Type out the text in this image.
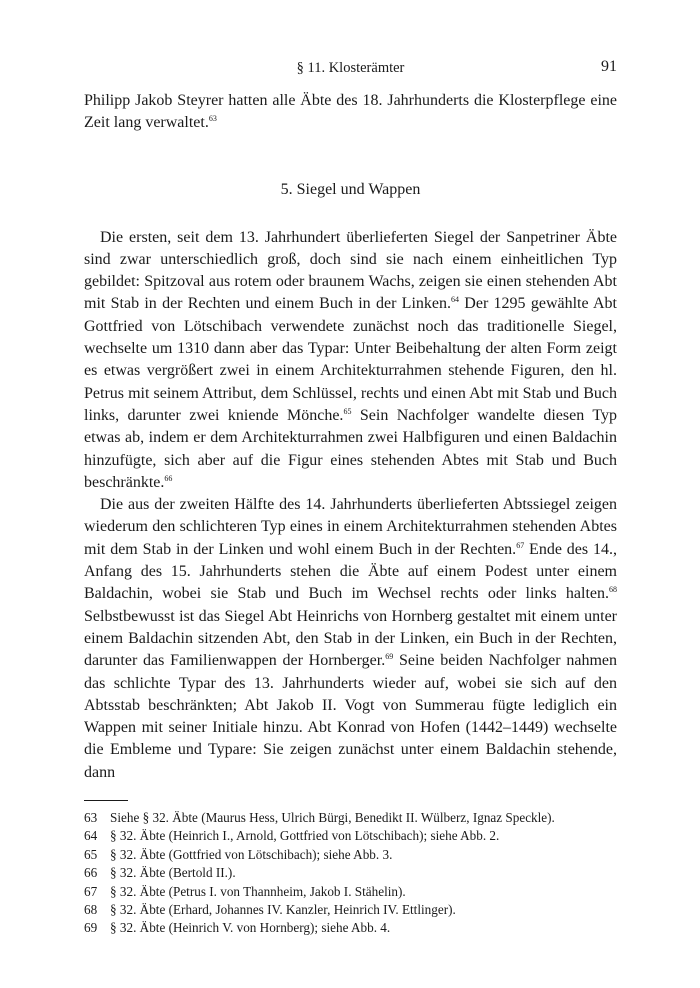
§ 11. Klosterämter	91

Philipp Jakob Steyrer hatten alle Äbte des 18. Jahrhunderts die Klosterpflege eine Zeit lang verwaltet.$^{63}$

5. Siegel und Wappen

Die ersten, seit dem 13. Jahrhundert überlieferten Siegel der Sanpetriner Äbte sind zwar unterschiedlich groß, doch sind sie nach einem einheitlichen Typ gebildet: Spitzoval aus rotem oder braunem Wachs, zeigen sie einen stehenden Abt mit Stab in der Rechten und einem Buch in der Linken.$^{64}$ Der 1295 gewählte Abt Gottfried von Lötschibach verwendete zunächst noch das traditionelle Siegel, wechselte um 1310 dann aber das Typar: Unter Beibehaltung der alten Form zeigt es etwas vergrößert zwei in einem Architekturrahmen stehende Figuren, den hl. Petrus mit seinem Attribut, dem Schlüssel, rechts und einen Abt mit Stab und Buch links, darunter zwei kniende Mönche.$^{65}$ Sein Nachfolger wandelte diesen Typ etwas ab, indem er dem Architekturrahmen zwei Halbfiguren und einen Baldachin hinzufügte, sich aber auf die Figur eines stehenden Abtes mit Stab und Buch beschränkte.$^{66}$

Die aus der zweiten Hälfte des 14. Jahrhunderts überlieferten Abtssiegel zeigen wiederum den schlichteren Typ eines in einem Architekturrahmen stehenden Abtes mit dem Stab in der Linken und wohl einem Buch in der Rechten.$^{67}$ Ende des 14., Anfang des 15. Jahrhunderts stehen die Äbte auf einem Podest unter einem Baldachin, wobei sie Stab und Buch im Wechsel rechts oder links halten.$^{68}$ Selbstbewusst ist das Siegel Abt Heinrichs von Hornberg gestaltet mit einem unter einem Baldachin sitzenden Abt, den Stab in der Linken, ein Buch in der Rechten, darunter das Familienwappen der Hornberger.$^{69}$ Seine beiden Nachfolger nahmen das schlichte Typar des 13. Jahrhunderts wieder auf, wobei sie sich auf den Abtsstab beschränkten; Abt Jakob II. Vogt von Summerau fügte lediglich ein Wappen mit seiner Initiale hinzu. Abt Konrad von Hofen (1442–1449) wechselte die Embleme und Typare: Sie zeigen zunächst unter einem Baldachin stehende, dann

63 Siehe § 32. Äbte (Maurus Hess, Ulrich Bürgi, Benedikt II. Wülberz, Ignaz Speckle).
64 § 32. Äbte (Heinrich I., Arnold, Gottfried von Lötschibach); siehe Abb. 2.
65 § 32. Äbte (Gottfried von Lötschibach); siehe Abb. 3.
66 § 32. Äbte (Bertold II.).
67 § 32. Äbte (Petrus I. von Thannheim, Jakob I. Stähelin).
68 § 32. Äbte (Erhard, Johannes IV. Kanzler, Heinrich IV. Ettlinger).
69 § 32. Äbte (Heinrich V. von Hornberg); siehe Abb. 4.
